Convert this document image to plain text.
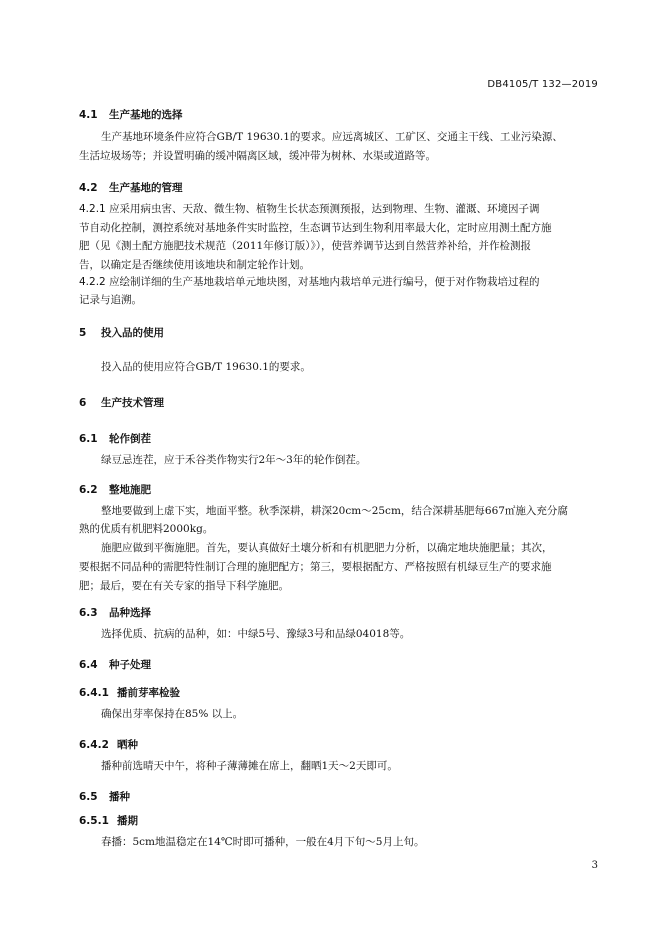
DB4105/T 132—2019
4.1 生产基地的选择
生产基地环境条件应符合GB/T 19630.1的要求。应远离城区、工矿区、交通主干线、工业污染源、
生活垃圾场等；并设置明确的缓冲隔离区域，缓冲带为树林、水渠或道路等。
4.2 生产基地的管理
4.2.1 应采用病虫害、天敌、微生物、植物生长状态预测预报，达到物理、生物、灌溉、环境因子调
节自动化控制，测控系统对基地条件实时监控，生态调节达到生物利用率最大化，定时应用测土配方施
肥（见《测土配方施肥技术规范（2011年修订版）》），使营养调节达到自然营养补给，并作检测报
告，以确定是否继续使用该地块和制定轮作计划。
4.2.2 应绘制详细的生产基地栽培单元地块图，对基地内栽培单元进行编号，便于对作物栽培过程的
记录与追溯。
5 投入品的使用
投入品的使用应符合GB/T 19630.1的要求。
6 生产技术管理
6.1 轮作倒茬
绿豆忌连茬，应于禾谷类作物实行2年～3年的轮作倒茬。
6.2 整地施肥
整地要做到上虚下实，地面平整。秋季深耕，耕深20cm～25cm，结合深耕基肥每667㎡施入充分腐
熟的优质有机肥料2000kg。
施肥应做到平衡施肥。首先，要认真做好土壤分析和有机肥肥力分析，以确定地块施肥量；其次，
要根据不同品种的需肥特性制订合理的施肥配方；第三，要根据配方、严格按照有机绿豆生产的要求施
肥；最后，要在有关专家的指导下科学施肥。
6.3 品种选择
选择优质、抗病的品种，如：中绿5号、豫绿3号和品绿04018等。
6.4 种子处理
6.4.1 播前芽率检验
确保出芽率保持在85% 以上。
6.4.2 晒种
播种前选晴天中午，将种子薄薄摊在席上，翻晒1天～2天即可。
6.5 播种
6.5.1 播期
春播：5cm地温稳定在14℃时即可播种，一般在4月下旬～5月上旬。
3
